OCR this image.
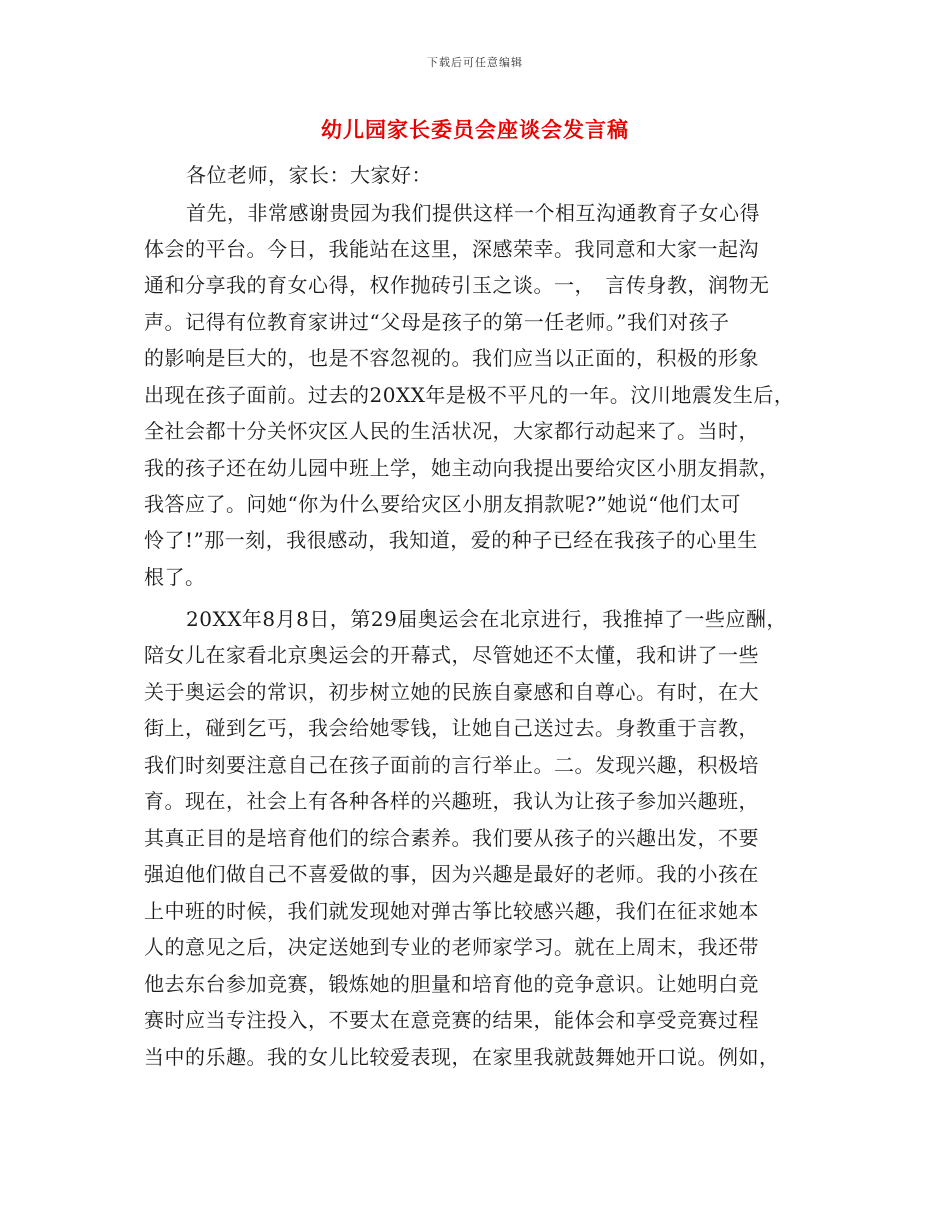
下载后可任意编辑
幼儿园家长委员会座谈会发言稿
各位老师，家长：大家好：
首先，非常感谢贵园为我们提供这样一个相互沟通教育子女心得
体会的平台。今日，我能站在这里，深感荣幸。我同意和大家一起沟
通和分享我的育女心得，权作抛砖引玉之谈。一，　言传身教，润物无
声。记得有位教育家讲过“父母是孩子的第一任老师。”我们对孩子
的影响是巨大的，也是不容忽视的。我们应当以正面的，积极的形象
出现在孩子面前。过去的20XX年是极不平凡的一年。汶川地震发生后，
全社会都十分关怀灾区人民的生活状况，大家都行动起来了。当时，
我的孩子还在幼儿园中班上学，她主动向我提出要给灾区小朋友捐款，
我答应了。问她“你为什么要给灾区小朋友捐款呢?”她说“他们太可
怜了!”那一刻，我很感动，我知道，爱的种子已经在我孩子的心里生
根了。
20XX年8月8日，第29届奥运会在北京进行，我推掉了一些应酬，
陪女儿在家看北京奥运会的开幕式，尽管她还不太懂，我和讲了一些
关于奥运会的常识，初步树立她的民族自豪感和自尊心。有时，在大
街上，碰到乞丐，我会给她零钱，让她自己送过去。身教重于言教，
我们时刻要注意自己在孩子面前的言行举止。二。发现兴趣，积极培
育。现在，社会上有各种各样的兴趣班，我认为让孩子参加兴趣班，
其真正目的是培育他们的综合素养。我们要从孩子的兴趣出发，不要
强迫他们做自己不喜爱做的事，因为兴趣是最好的老师。我的小孩在
上中班的时候，我们就发现她对弹古筝比较感兴趣，我们在征求她本
人的意见之后，决定送她到专业的老师家学习。就在上周末，我还带
他去东台参加竞赛，锻炼她的胆量和培育他的竞争意识。让她明白竞
赛时应当专注投入，不要太在意竞赛的结果，能体会和享受竞赛过程
当中的乐趣。我的女儿比较爱表现，在家里我就鼓舞她开口说。例如，
